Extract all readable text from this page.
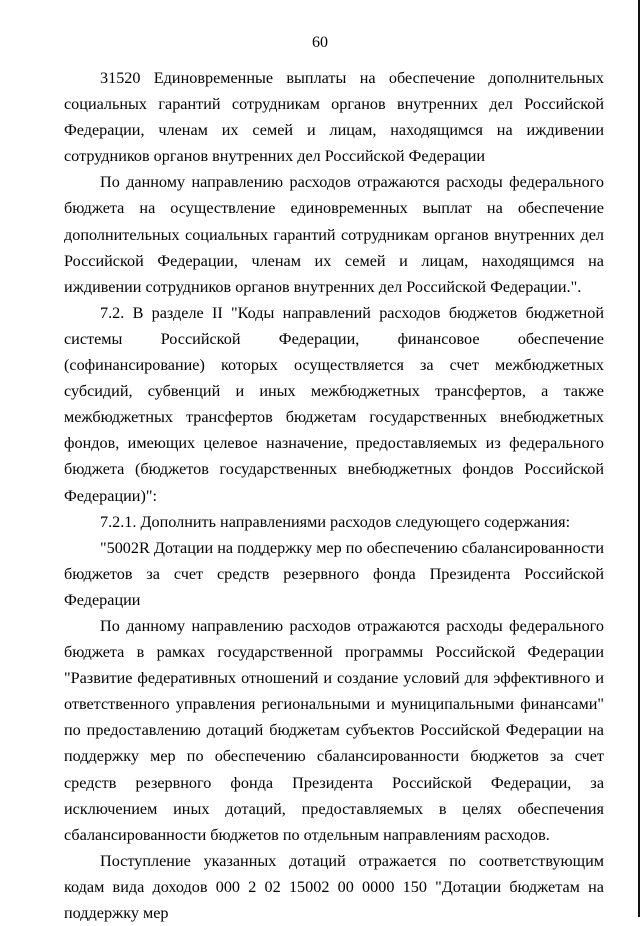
60

31520 Единовременные выплаты на обеспечение дополнительных социальных гарантий сотрудникам органов внутренних дел Российской Федерации, членам их семей и лицам, находящимся на иждивении сотрудников органов внутренних дел Российской Федерации

По данному направлению расходов отражаются расходы федерального бюджета на осуществление единовременных выплат на обеспечение дополнительных социальных гарантий сотрудникам органов внутренних дел Российской Федерации, членам их семей и лицам, находящимся на иждивении сотрудников органов внутренних дел Российской Федерации.".

7.2. В разделе II "Коды направлений расходов бюджетов бюджетной системы Российской Федерации, финансовое обеспечение (софинансирование) которых осуществляется за счет межбюджетных субсидий, субвенций и иных межбюджетных трансфертов, а также межбюджетных трансфертов бюджетам государственных внебюджетных фондов, имеющих целевое назначение, предоставляемых из федерального бюджета (бюджетов государственных внебюджетных фондов Российской Федерации)":

7.2.1. Дополнить направлениями расходов следующего содержания:

"5002R Дотации на поддержку мер по обеспечению сбалансированности бюджетов за счет средств резервного фонда Президента Российской Федерации

По данному направлению расходов отражаются расходы федерального бюджета в рамках государственной программы Российской Федерации "Развитие федеративных отношений и создание условий для эффективного и ответственного управления региональными и муниципальными финансами" по предоставлению дотаций бюджетам субъектов Российской Федерации на поддержку мер по обеспечению сбалансированности бюджетов за счет средств резервного фонда Президента Российской Федерации, за исключением иных дотаций, предоставляемых в целях обеспечения сбалансированности бюджетов по отдельным направлениям расходов.

Поступление указанных дотаций отражается по соответствующим кодам вида доходов 000 2 02 15002 00 0000 150 "Дотации бюджетам на поддержку мер
